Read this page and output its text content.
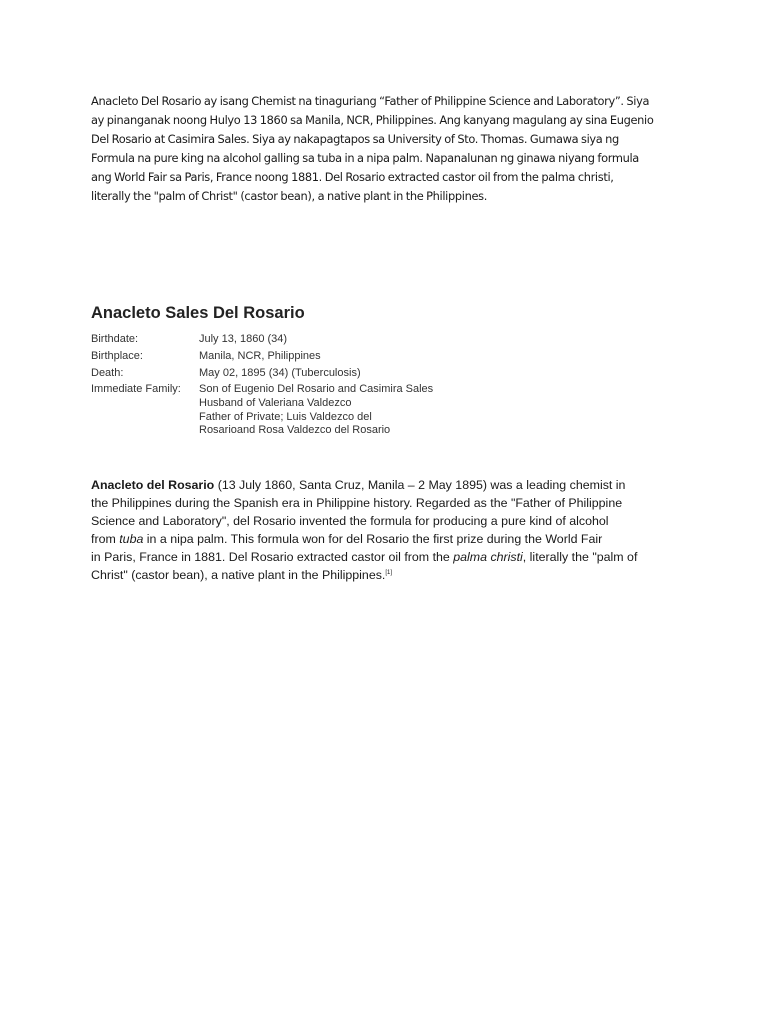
Anacleto Del Rosario ay isang Chemist na tinaguriang “Father of Philippine Science and Laboratory”. Siya
ay pinanganak noong Hulyo 13 1860 sa Manila, NCR, Philippines. Ang kanyang magulang ay sina Eugenio
Del Rosario at Casimira Sales. Siya ay nakapagtapos sa University of Sto. Thomas. Gumawa siya ng
Formula na pure king na alcohol galling sa tuba in a nipa palm. Napanalunan ng ginawa niyang formula
ang World Fair sa Paris, France noong 1881. Del Rosario extracted castor oil from the palma christi,
literally the "palm of Christ" (castor bean), a native plant in the Philippines.

Anacleto Sales Del Rosario
Birthdate:	July 13, 1860 (34)
Birthplace:	Manila, NCR, Philippines
Death:	May 02, 1895 (34) (Tuberculosis)
Immediate Family:	Son of Eugenio Del Rosario and Casimira Sales
Husband of Valeriana Valdezco
Father of Private; Luis Valdezco del
Rosarioand Rosa Valdezco del Rosario

Anacleto del Rosario (13 July 1860, Santa Cruz, Manila – 2 May 1895) was a leading chemist in
the Philippines during the Spanish era in Philippine history. Regarded as the "Father of Philippine
Science and Laboratory", del Rosario invented the formula for producing a pure kind of alcohol
from tuba in a nipa palm. This formula won for del Rosario the first prize during the World Fair
in Paris, France in 1881. Del Rosario extracted castor oil from the palma christi, literally the "palm of
Christ" (castor bean), a native plant in the Philippines.[1]
